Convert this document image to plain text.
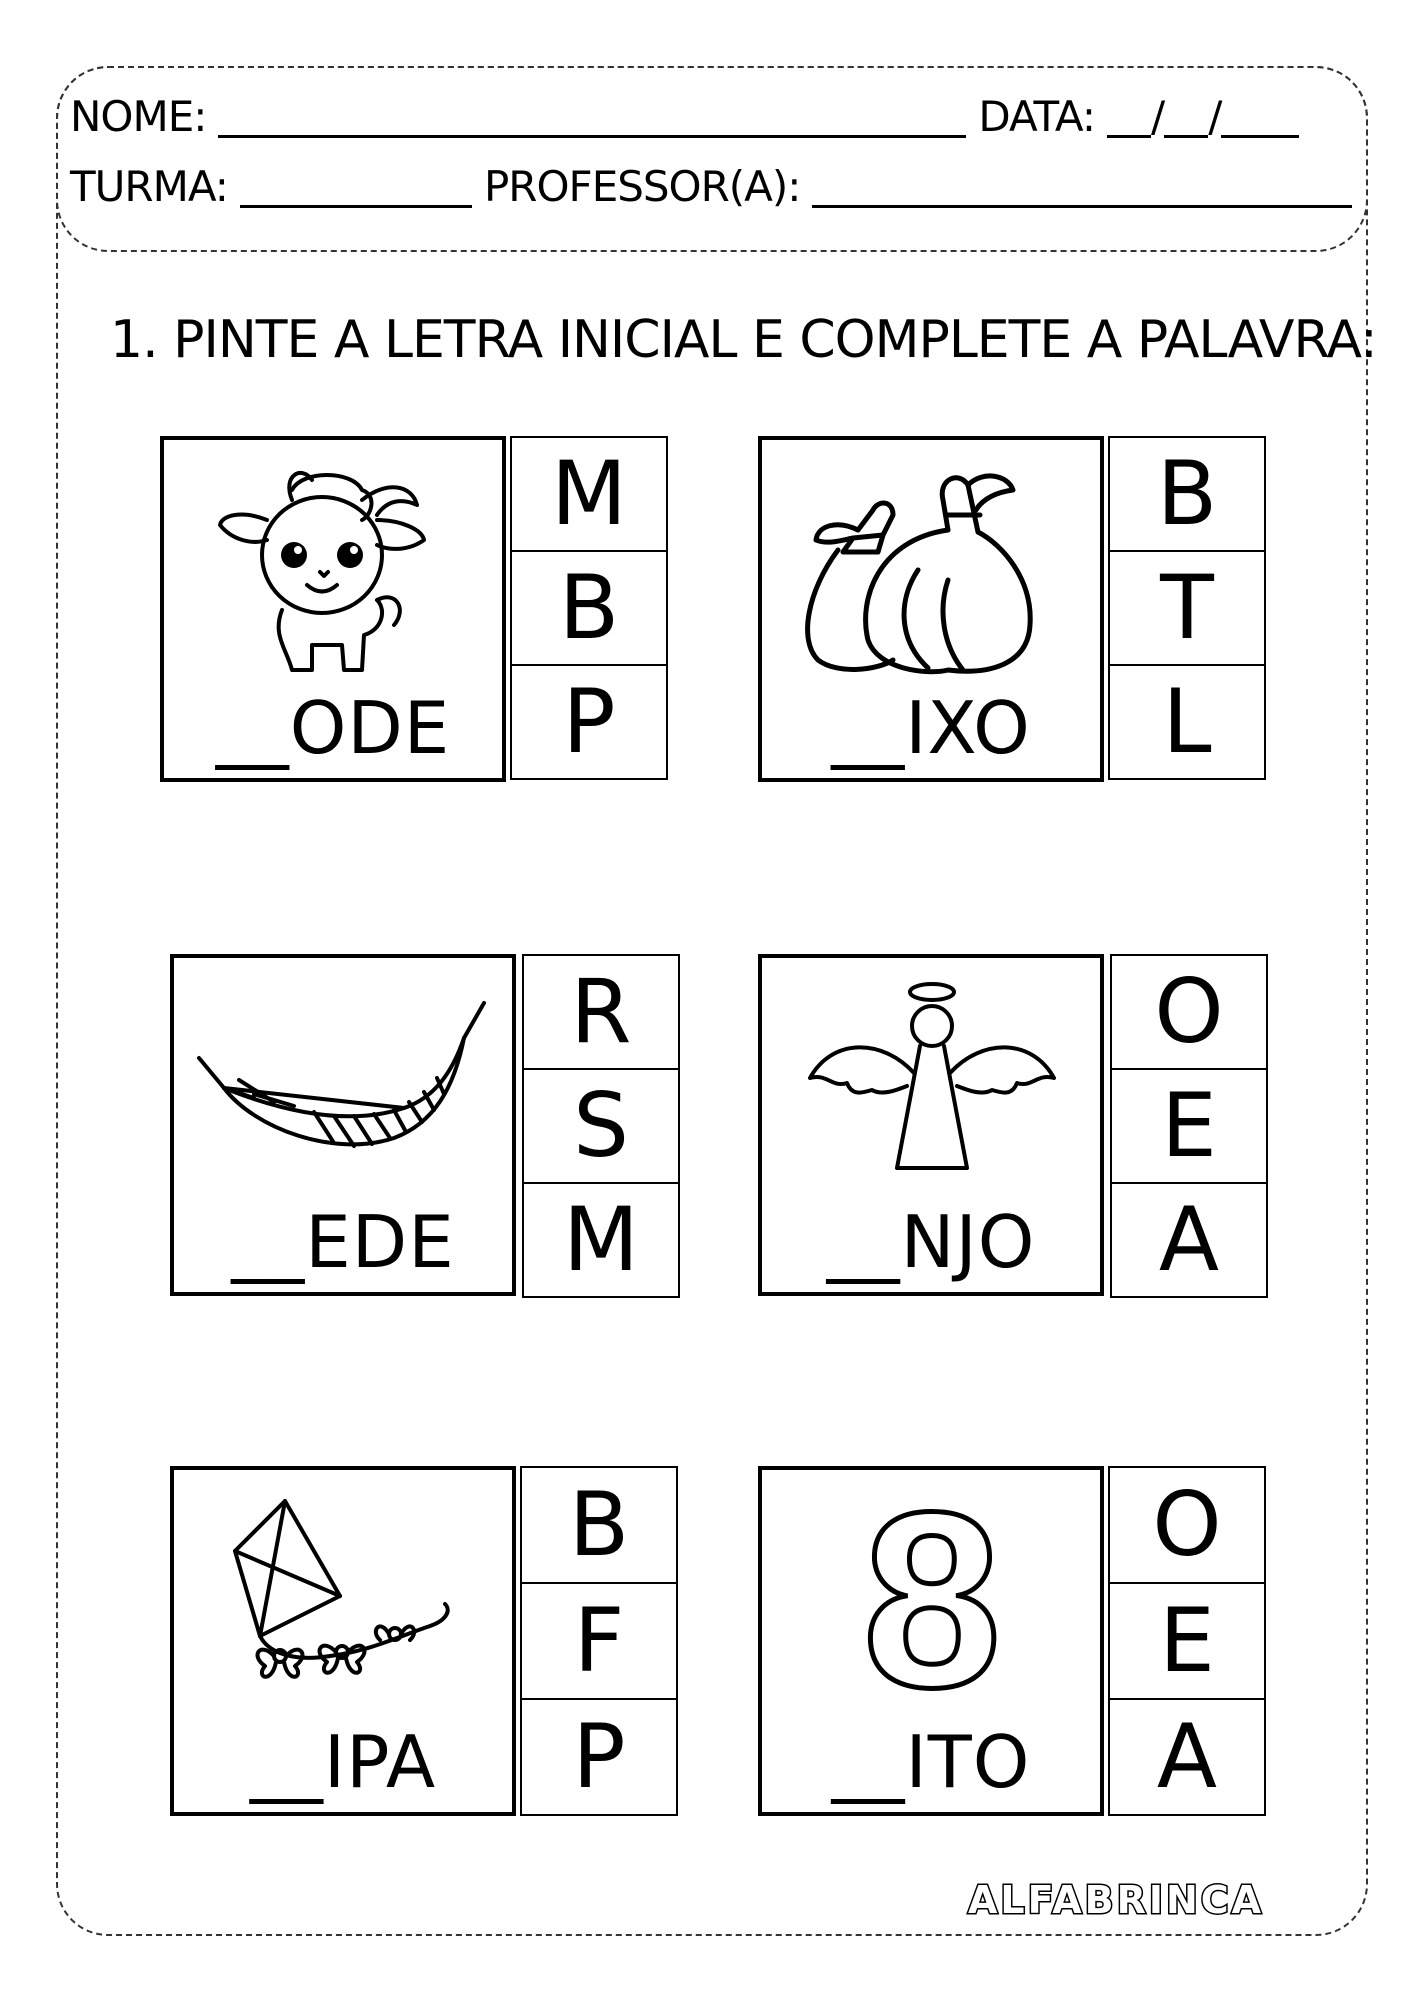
NOME:	DATA: / /
TURMA:	PROFESSOR(A):
1. PINTE A LETRA INICIAL E COMPLETE A PALAVRA:
__ODE
M
B
P	__IXO
B
T
L
__EDE
R
S
M	__NJO
O
E
A
__IPA
B
F
P
8
__ITO
O
E
A
ALFABRINCA
